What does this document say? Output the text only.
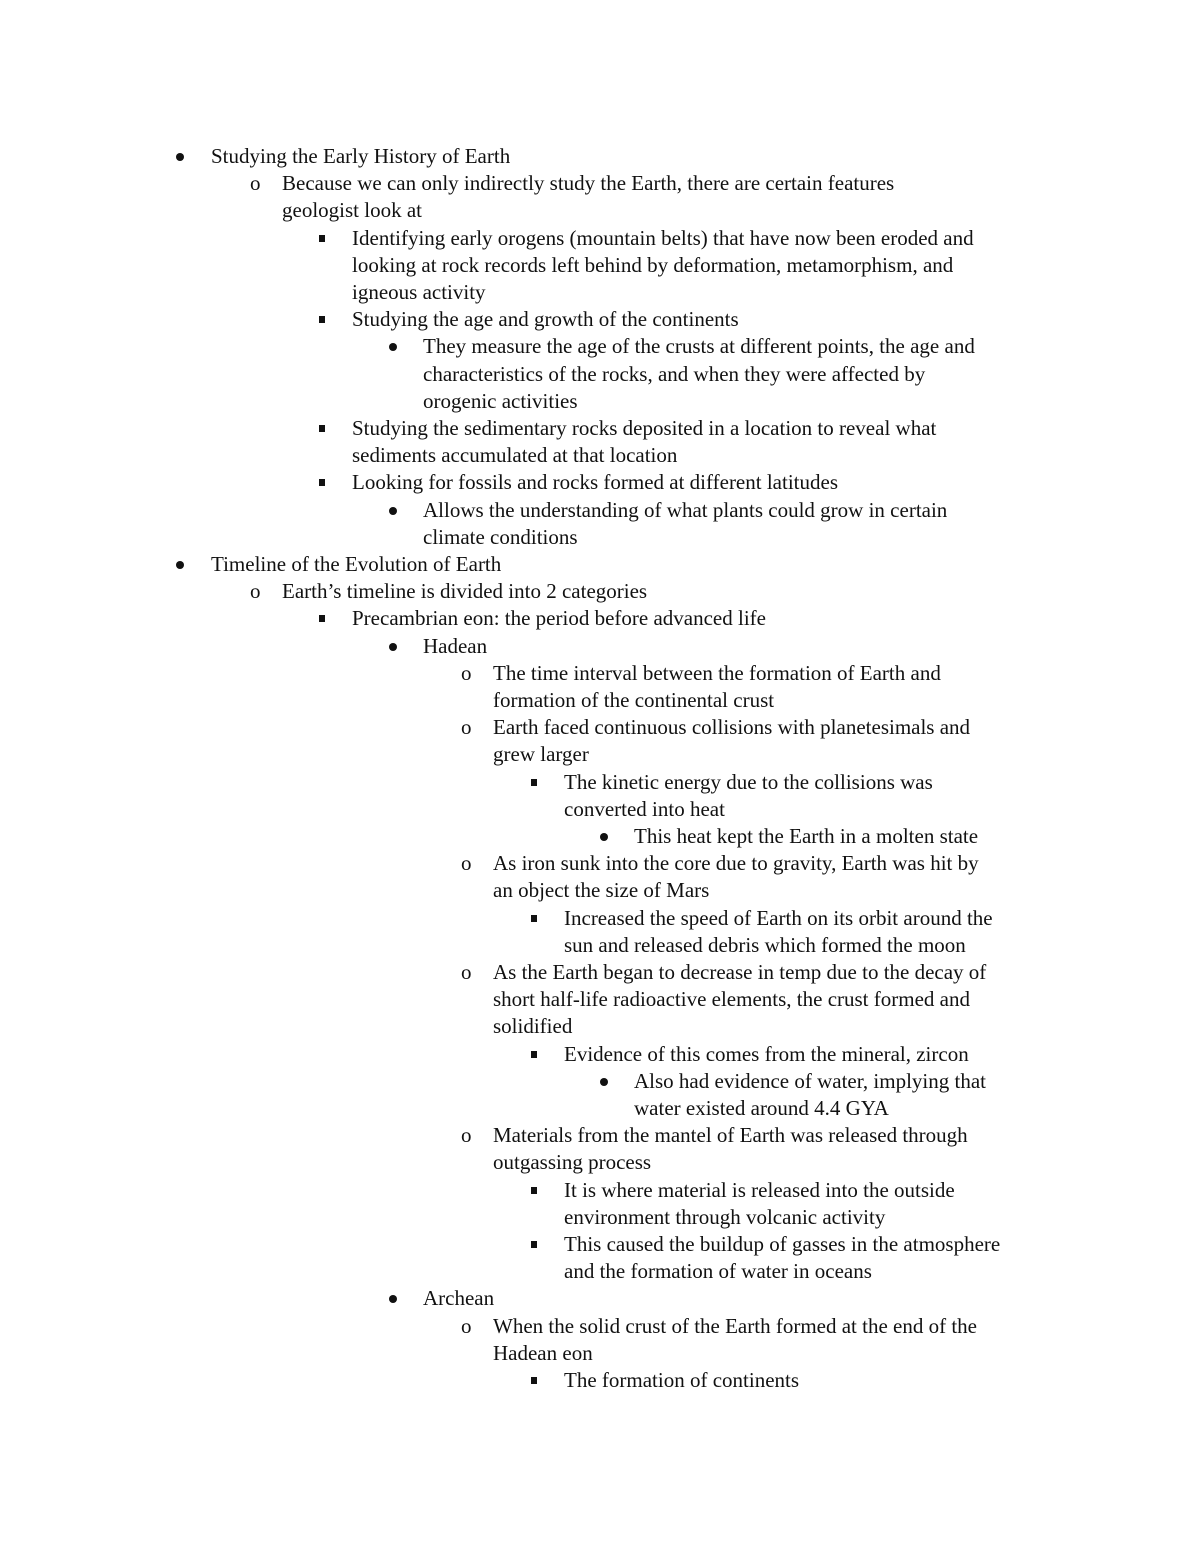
Studying the Early History of Earth
o Because we can only indirectly study the Earth, there are certain features
geologist look at
Identifying early orogens (mountain belts) that have now been eroded and
looking at rock records left behind by deformation, metamorphism, and
igneous activity
Studying the age and growth of the continents
They measure the age of the crusts at different points, the age and
characteristics of the rocks, and when they were affected by
orogenic activities
Studying the sedimentary rocks deposited in a location to reveal what
sediments accumulated at that location
Looking for fossils and rocks formed at different latitudes
Allows the understanding of what plants could grow in certain
climate conditions
Timeline of the Evolution of Earth
o Earth’s timeline is divided into 2 categories
Precambrian eon: the period before advanced life
Hadean
o The time interval between the formation of Earth and
formation of the continental crust
o Earth faced continuous collisions with planetesimals and
grew larger
The kinetic energy due to the collisions was
converted into heat
This heat kept the Earth in a molten state
o As iron sunk into the core due to gravity, Earth was hit by
an object the size of Mars
Increased the speed of Earth on its orbit around the
sun and released debris which formed the moon
o As the Earth began to decrease in temp due to the decay of
short half-life radioactive elements, the crust formed and
solidified
Evidence of this comes from the mineral, zircon
Also had evidence of water, implying that
water existed around 4.4 GYA
o Materials from the mantel of Earth was released through
outgassing process
It is where material is released into the outside
environment through volcanic activity
This caused the buildup of gasses in the atmosphere
and the formation of water in oceans
Archean
o When the solid crust of the Earth formed at the end of the
Hadean eon
The formation of continents
